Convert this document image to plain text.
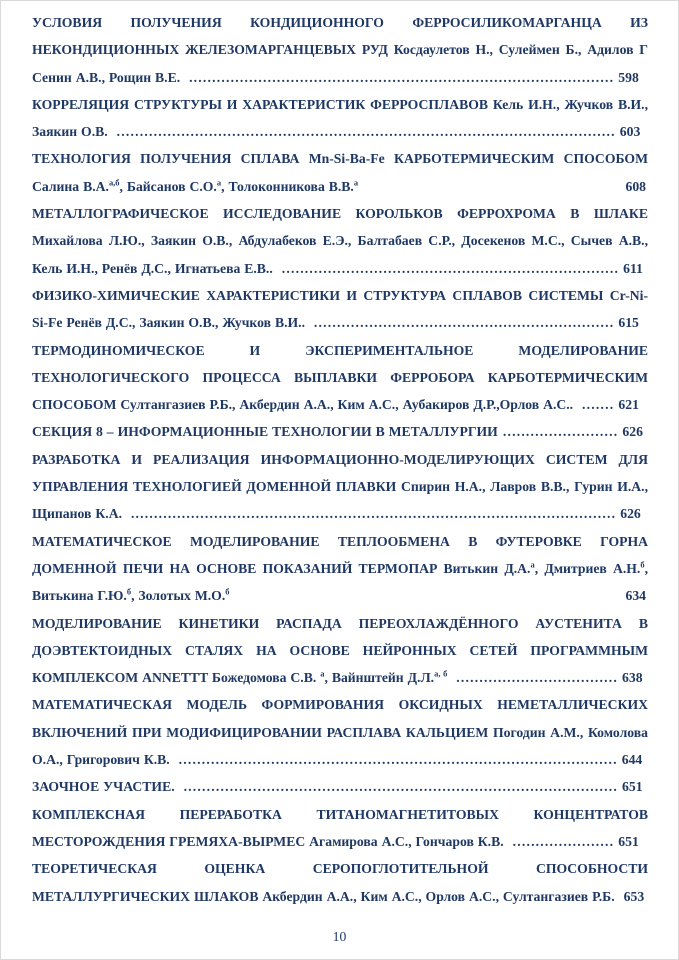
УСЛОВИЯ ПОЛУЧЕНИЯ КОНДИЦИОННОГО ФЕРРОСИЛИКОМАРГАНЦА ИЗ НЕКОНДИЦИОННЫХ ЖЕЛЕЗОМАРГАНЦЕВЫХ РУД Косдаулетов Н., Сулеймен Б., Адилов Г Сенин А.В., Рощин В.Е. ............................................................................................ 598

КОРРЕЛЯЦИЯ СТРУКТУРЫ И ХАРАКТЕРИСТИК ФЕРРОСПЛАВОВ Кель И.Н., Жучков В.И., Заякин О.В. ............................................................................................................ 603

ТЕХНОЛОГИЯ ПОЛУЧЕНИЯ СПЛАВА Mn-Si-Ba-Fe КАРБОТЕРМИЧЕСКИМ СПОСОБОМ Салина В.А.$^{а,б}$, Байсанов С.О.$^а$, Толоконникова В.В.$^а$	608

МЕТАЛЛОГРАФИЧЕСКОЕ ИССЛЕДОВАНИЕ КОРОЛЬКОВ ФЕРРОХРОМА В ШЛАКЕ Михайлова Л.Ю., Заякин О.В., Абдулабеков Е.Э., Балтабаев С.Р., Досекенов М.С., Сычев А.В., Кель И.Н., Ренёв Д.С., Игнатьева Е.В.. ......................................................................... 611

ФИЗИКО-ХИМИЧЕСКИЕ ХАРАКТЕРИСТИКИ И СТРУКТУРА СПЛАВОВ СИСТЕМЫ Cr-Ni-Si-Fe Ренёв Д.С., Заякин О.В., Жучков В.И.. ................................................................. 615

ТЕРМОДИНОМИЧЕСКОЕ И ЭКСПЕРИМЕНТАЛЬНОЕ МОДЕЛИРОВАНИЕ ТЕХНОЛОГИЧЕСКОГО ПРОЦЕССА ВЫПЛАВКИ ФЕРРОБОРА КАРБОТЕРМИЧЕСКИМ СПОСОБОМ Султангазиев Р.Б., Акбердин А.А., Ким А.С., Аубакиров Д.Р.,Орлов А.С.. ....... 621

СЕКЦИЯ 8 – ИНФОРМАЦИОННЫЕ ТЕХНОЛОГИИ В МЕТАЛЛУРГИИ ......................... 626

РАЗРАБОТКА И РЕАЛИЗАЦИЯ ИНФОРМАЦИОННО-МОДЕЛИРУЮЩИХ СИСТЕМ ДЛЯ УПРАВЛЕНИЯ ТЕХНОЛОГИЕЙ ДОМЕННОЙ ПЛАВКИ Спирин Н.А., Лавров В.В., Гурин И.А., Щипанов К.А. ......................................................................................................... 626

МАТЕМАТИЧЕСКОЕ МОДЕЛИРОВАНИЕ ТЕПЛООБМЕНА В ФУТЕРОВКЕ ГОРНА ДОМЕННОЙ ПЕЧИ НА ОСНОВЕ ПОКАЗАНИЙ ТЕРМОПАР Витькин Д.А.$^а$, Дмитриев А.Н.$^б$, Витькина Г.Ю.$^б$, Золотых М.О.$^б$	634

МОДЕЛИРОВАНИЕ КИНЕТИКИ РАСПАДА ПЕРЕОХЛАЖДЁННОГО АУСТЕНИТА В ДОЭВТЕКТОИДНЫХ СТАЛЯХ НА ОСНОВЕ НЕЙРОННЫХ СЕТЕЙ ПРОГРАММНЫМ КОМПЛЕКСОМ ANNETTT Божедомова С.В. $^а$, Вайнштейн Д.Л.$^{а, б}$ ................................... 638

МАТЕМАТИЧЕСКАЯ МОДЕЛЬ ФОРМИРОВАНИЯ ОКСИДНЫХ НЕМЕТАЛЛИЧЕСКИХ ВКЛЮЧЕНИЙ ПРИ МОДИФИЦИРОВАНИИ РАСПЛАВА КАЛЬЦИЕМ Погодин А.М., Комолова О.А., Григорович К.В. ............................................................................................... 644

ЗАОЧНОЕ УЧАСТИЕ. .............................................................................................. 651

КОМПЛЕКСНАЯ ПЕРЕРАБОТКА ТИТАНОМАГНЕТИТОВЫХ КОНЦЕНТРАТОВ МЕСТОРОЖДЕНИЯ ГРЕМЯХА-ВЫРМЕС Агамирова А.С., Гончаров К.В. ...................... 651

ТЕОРЕТИЧЕСКАЯ ОЦЕНКА СЕРОПОГЛОТИТЕЛЬНОЙ СПОСОБНОСТИ МЕТАЛЛУРГИЧЕСКИХ ШЛАКОВ Акбердин А.А., Ким А.С., Орлов А.С., Султангазиев Р.Б. 653

10
